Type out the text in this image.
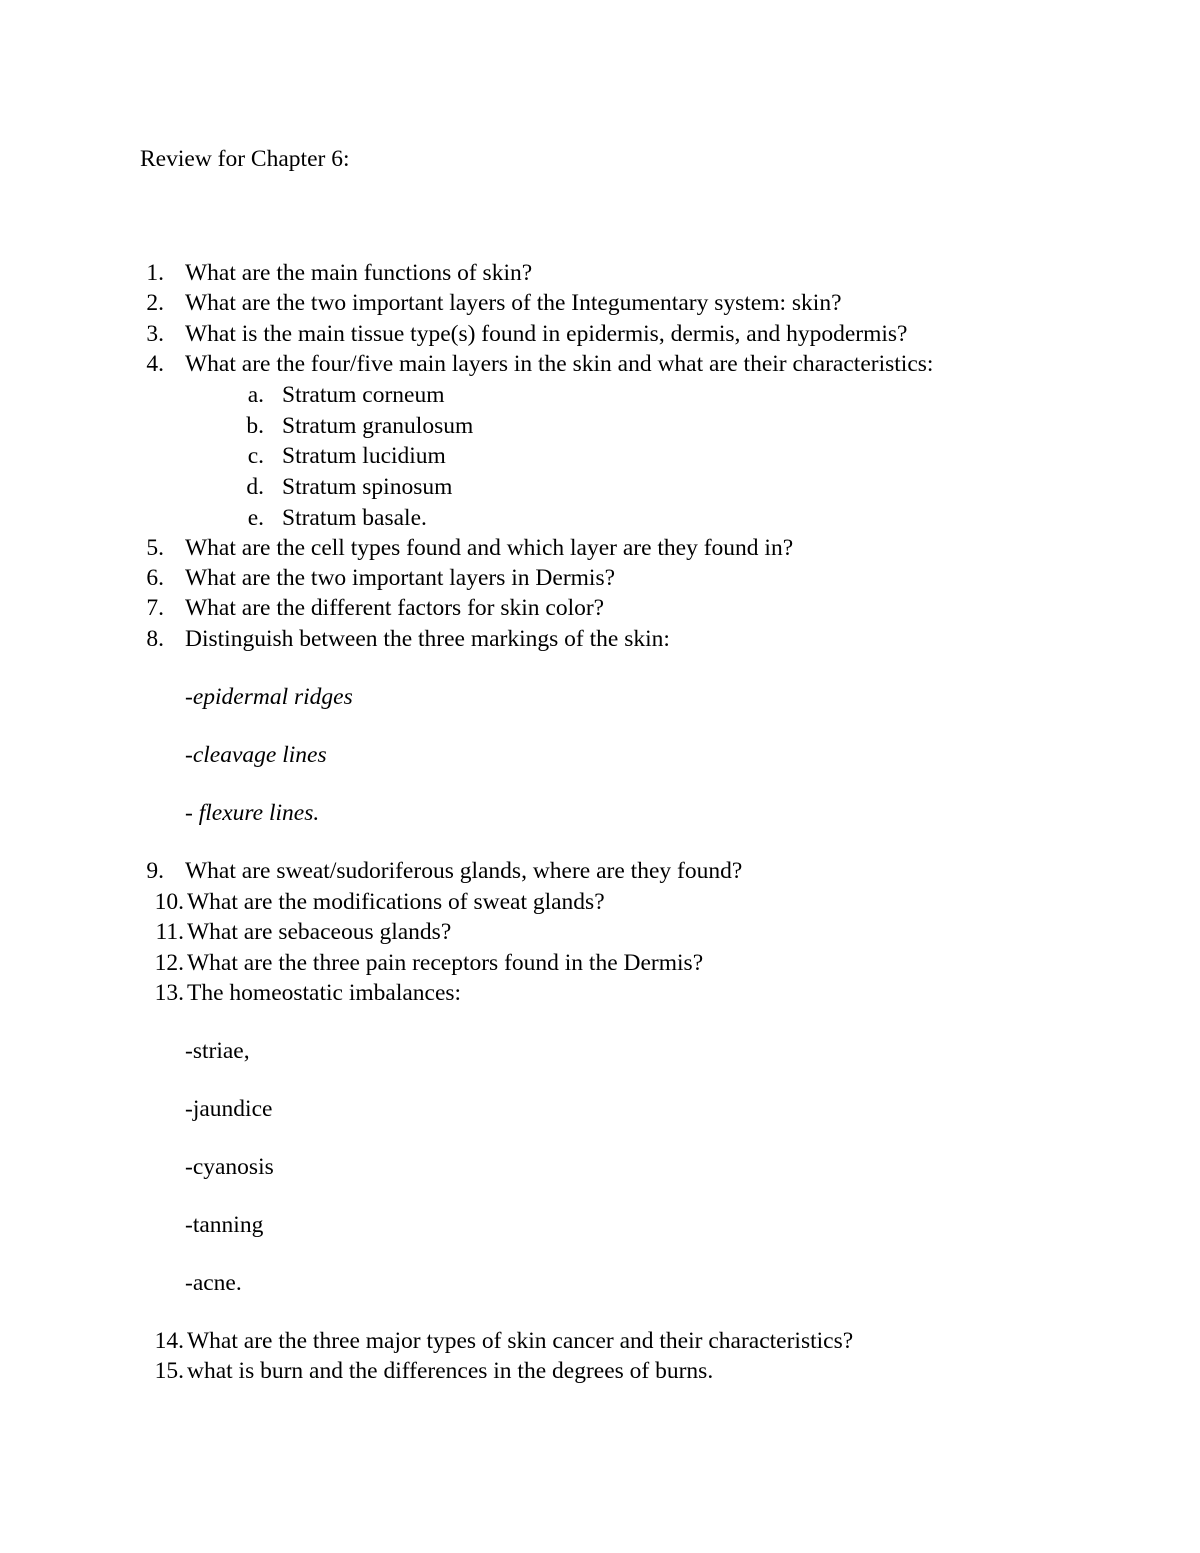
Review for Chapter 6:
1. What are the main functions of skin?
2. What are the two important layers of the Integumentary system: skin?
3. What is the main tissue type(s) found in epidermis, dermis, and hypodermis?
4. What are the four/five main layers in the skin and what are their characteristics:
a. Stratum corneum
b. Stratum granulosum
c. Stratum lucidium
d. Stratum spinosum
e. Stratum basale.
5. What are the cell types found and which layer are they found in?
6. What are the two important layers in Dermis?
7. What are the different factors for skin color?
8. Distinguish between the three markings of the skin:
-epidermal ridges
-cleavage lines
- flexure lines.
9. What are sweat/sudoriferous glands, where are they found?
10. What are the modifications of sweat glands?
11. What are sebaceous glands?
12. What are the three pain receptors found in the Dermis?
13. The homeostatic imbalances:
-striae,
-jaundice
-cyanosis
-tanning
-acne.
14. What are the three major types of skin cancer and their characteristics?
15. what is burn and the differences in the degrees of burns.
